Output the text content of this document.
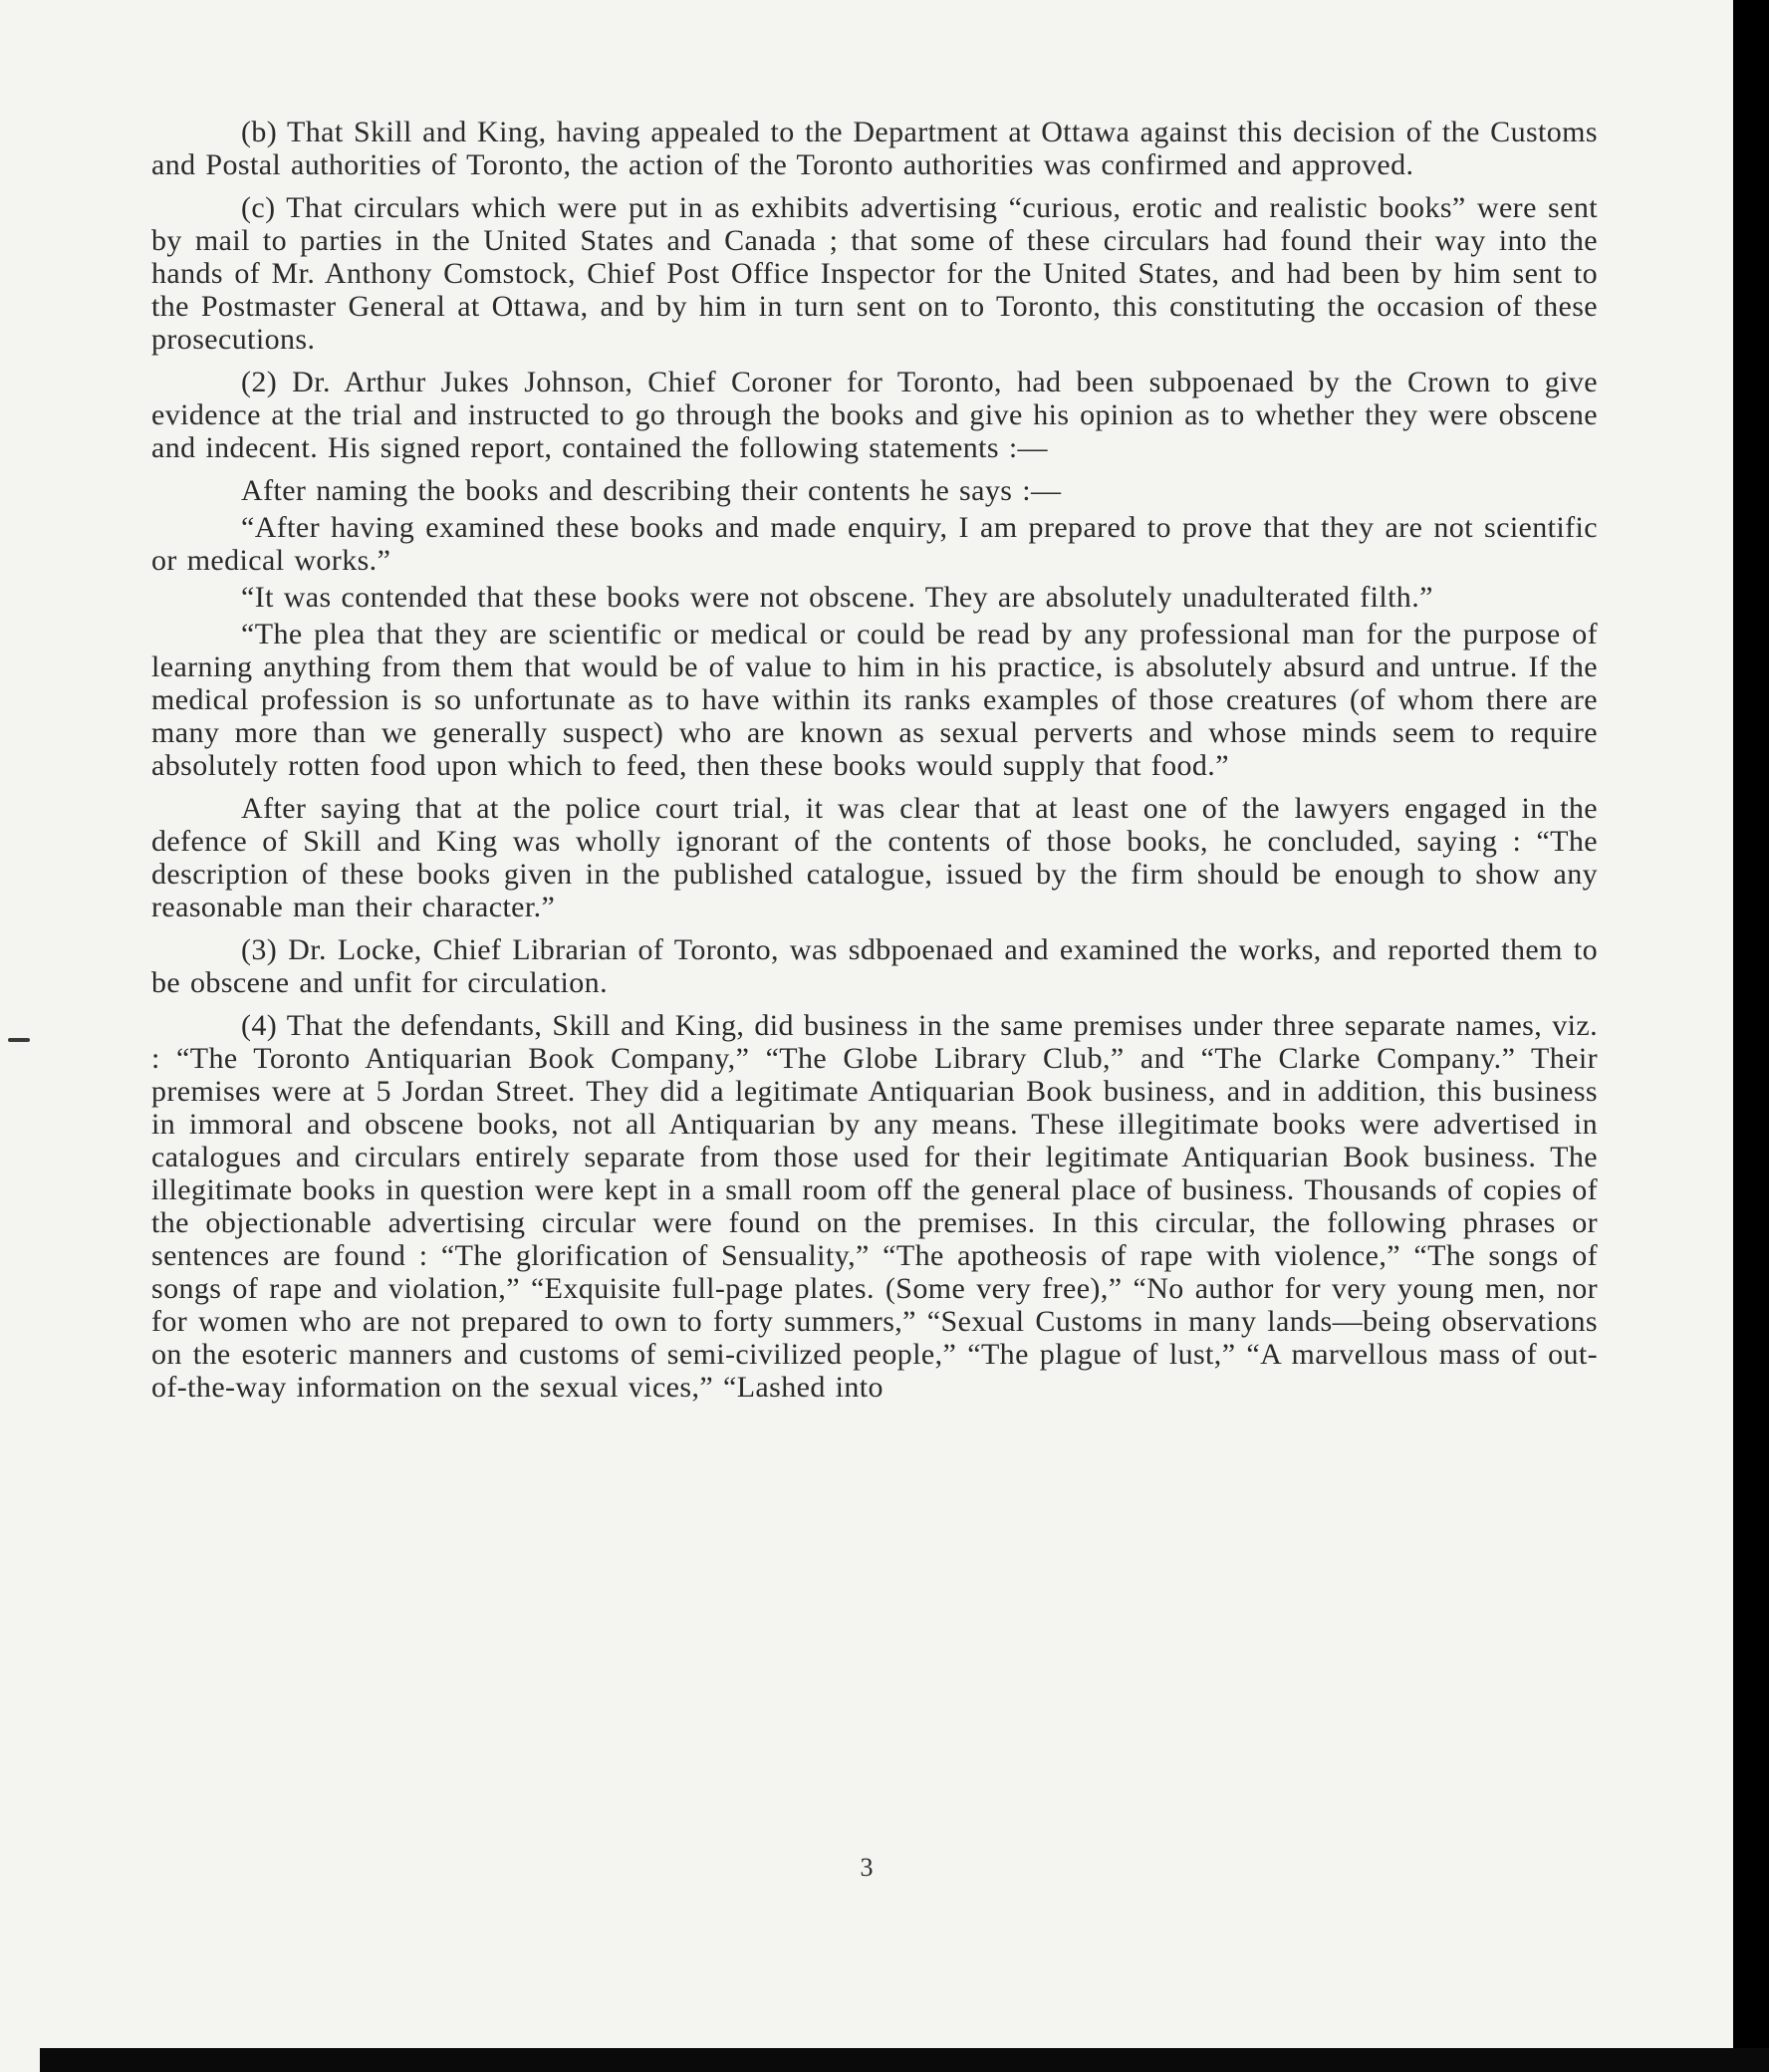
(b) That Skill and King, having appealed to the Department at Ottawa against this decision of the Customs and Postal authorities of Toronto, the action of the Toronto authorities was confirmed and approved.

(c) That circulars which were put in as exhibits advertising “curious, erotic and realistic books” were sent by mail to parties in the United States and Canada ; that some of these circulars had found their way into the hands of Mr. Anthony Comstock, Chief Post Office Inspector for the United States, and had been by him sent to the Postmaster General at Ottawa, and by him in turn sent on to Toronto, this constituting the occasion of these prosecutions.

(2) Dr. Arthur Jukes Johnson, Chief Coroner for Toronto, had been subpoenaed by the Crown to give evidence at the trial and instructed to go through the books and give his opinion as to whether they were obscene and indecent. His signed report, contained the following statements :—

After naming the books and describing their contents he says :—

“After having examined these books and made enquiry, I am prepared to prove that they are not scientific or medical works.”

“It was contended that these books were not obscene. They are absolutely unadulterated filth.”

“The plea that they are scientific or medical or could be read by any professional man for the purpose of learning anything from them that would be of value to him in his practice, is absolutely absurd and untrue. If the medical profession is so unfortunate as to have within its ranks examples of those creatures (of whom there are many more than we generally suspect) who are known as sexual perverts and whose minds seem to require absolutely rotten food upon which to feed, then these books would supply that food.”

After saying that at the police court trial, it was clear that at least one of the lawyers engaged in the defence of Skill and King was wholly ignorant of the contents of those books, he concluded, saying : “The description of these books given in the published catalogue, issued by the firm should be enough to show any reasonable man their character.”

(3) Dr. Locke, Chief Librarian of Toronto, was sdbpoenaed and examined the works, and reported them to be obscene and unfit for circulation.

(4) That the defendants, Skill and King, did business in the same premises under three separate names, viz. : “The Toronto Antiquarian Book Company,” “The Globe Library Club,” and “The Clarke Company.” Their premises were at 5 Jordan Street. They did a legitimate Antiquarian Book business, and in addition, this business in immoral and obscene books, not all Antiquarian by any means. These illegitimate books were advertised in catalogues and circulars entirely separate from those used for their legitimate Antiquarian Book business. The illegitimate books in question were kept in a small room off the general place of business. Thousands of copies of the objectionable advertising circular were found on the premises. In this circular, the following phrases or sentences are found : “The glorification of Sensuality,” “The apotheosis of rape with violence,” “The songs of songs of rape and violation,” “Exquisite full-page plates. (Some very free),” “No author for very young men, nor for women who are not prepared to own to forty summers,” “Sexual Customs in many lands—being observations on the esoteric manners and customs of semi-civilized people,” “The plague of lust,” “A marvellous mass of out-of-the-way information on the sexual vices,” “Lashed into

3
